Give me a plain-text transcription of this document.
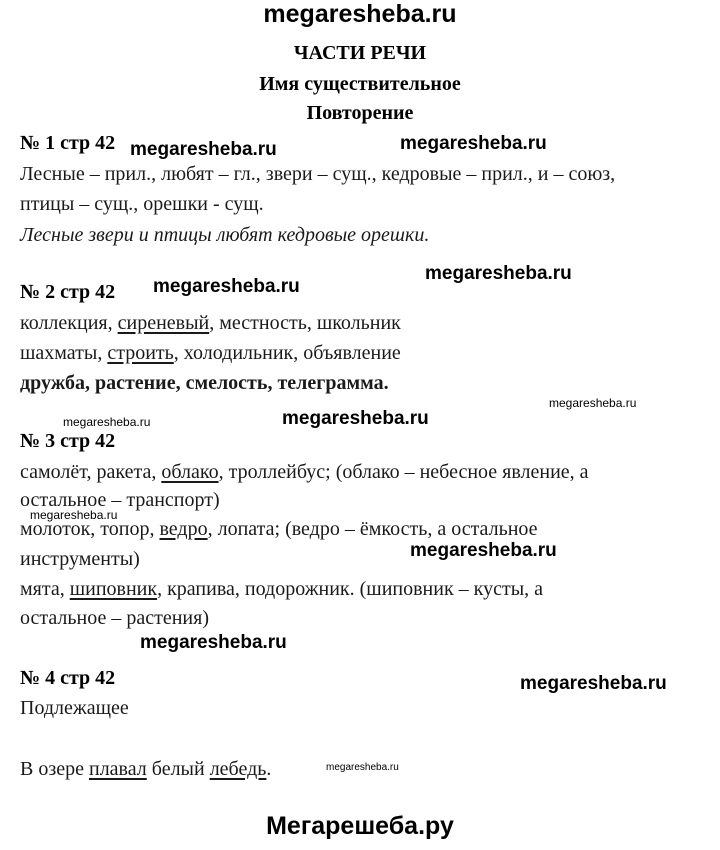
megaresheba.ru
ЧАСТИ РЕЧИ
Имя существительное
Повторение
№ 1 стр 42
Лесные – прил., любят – гл., звери – сущ., кедровые – прил., и – союз,
птицы – сущ., орешки - сущ.
Лесные звери и птицы любят кедровые орешки.
№ 2 стр 42
коллекция, сиреневый, местность, школьник
шахматы, строить, холодильник, объявление
дружба, растение, смелость, телеграмма.
№ 3 стр 42
самолёт, ракета, облако, троллейбус; (облако – небесное явление, а
остальное – транспорт)
молоток, топор, ведро, лопата; (ведро – ёмкость, а остальное
инструменты)
мята, шиповник, крапива, подорожник. (шиповник – кусты, а
остальное – растения)
№ 4 стр 42
Подлежащее
В озере плавал белый лебедь.
megaresheba.ru	megaresheba.ru
megaresheba.ru
megaresheba.ru
megaresheba.ru
megaresheba.ru	megaresheba.ru
megaresheba.ru
megaresheba.ru
megaresheba.ru
megaresheba.ru
megaresheba.ru
Мегарешеба.ру
